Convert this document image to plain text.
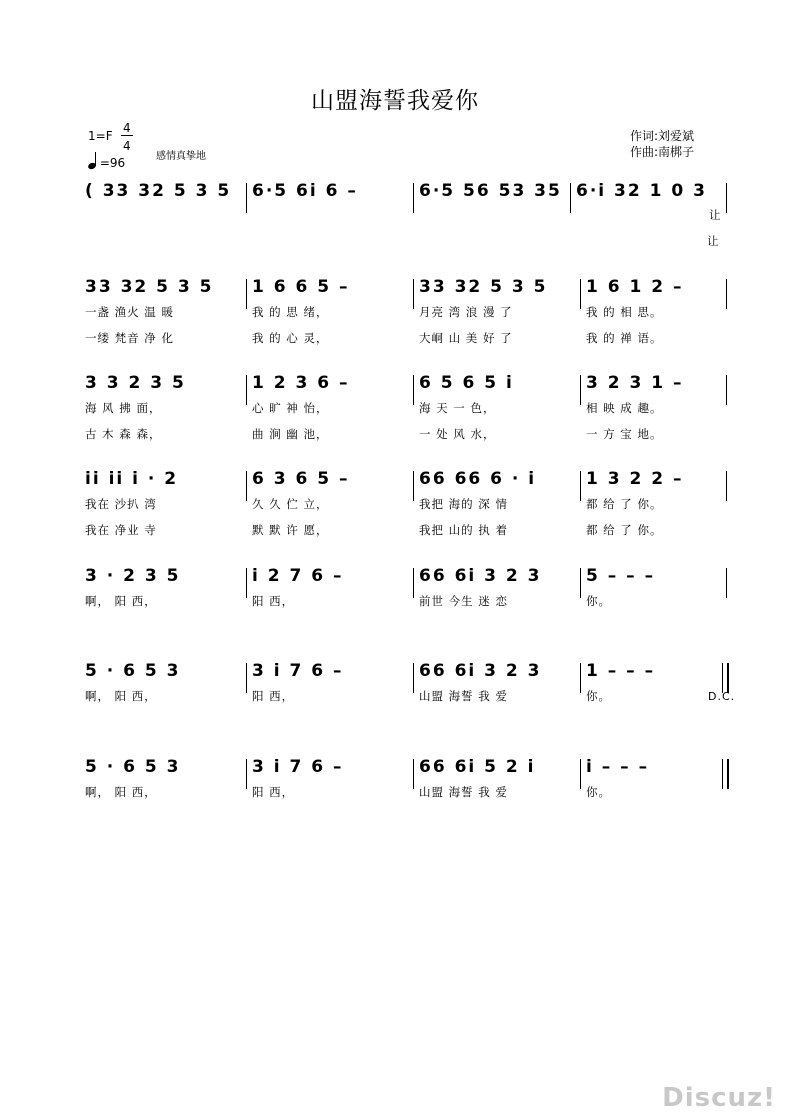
山盟海誓我爱你
1=F
4
4
=96	感情真挚地
作词:刘爱斌
作曲:南梆子
( 33 32 5 3 5 6·5 6i 6 –	6·5 56 53 35 6·i 32 1 0 3
让
让
33 32 5 3 5 1 6 6 5 –	33 32 5 3 5 1 6 1 2 –
一盏 渔火 温 暖	我 的 思 绪，	月亮 湾 浪 漫 了	我 的 相 思。
一缕 梵音 净 化	我 的 心 灵，	大峒 山 美 好 了	我 的 禅 语。
3 3 2 3 5	1 2 3 6 –	6 5 6 5 i	3 2 3 1 –
海 风 拂 面，	心 旷 神 怡，	海 天 一 色，	相 映 成 趣。
古 木 森 森，	曲 涧 幽 池，	一 处 风 水，	一 方 宝 地。
ii ii i · 2	6 3 6 5 –	66 66 6 · i	1 3 2 2 –
我在 沙扒 湾	久 久 伫 立，	我把 海的 深 情	都 给 了 你。
我在 净业 寺	默 默 许 愿，	我把 山的 执 着	都 给 了 你。
3 · 2 3 5	i 2 7 6 –	66 6i 3 2 3	5 – – –
啊， 阳 西，	阳 西，	前世 今生 迷 恋	你。
5 · 6 5 3	3 i 7 6 –	66 6i 3 2 3	1 – – –
啊， 阳 西，	阳 西，	山盟 海誓 我 爱	你。	D.C.
5 · 6 5 3	3 i 7 6 –	66 6i 5 2 i	i – – –
啊， 阳 西，	阳 西，	山盟 海誓 我 爱	你。
Discuz!
